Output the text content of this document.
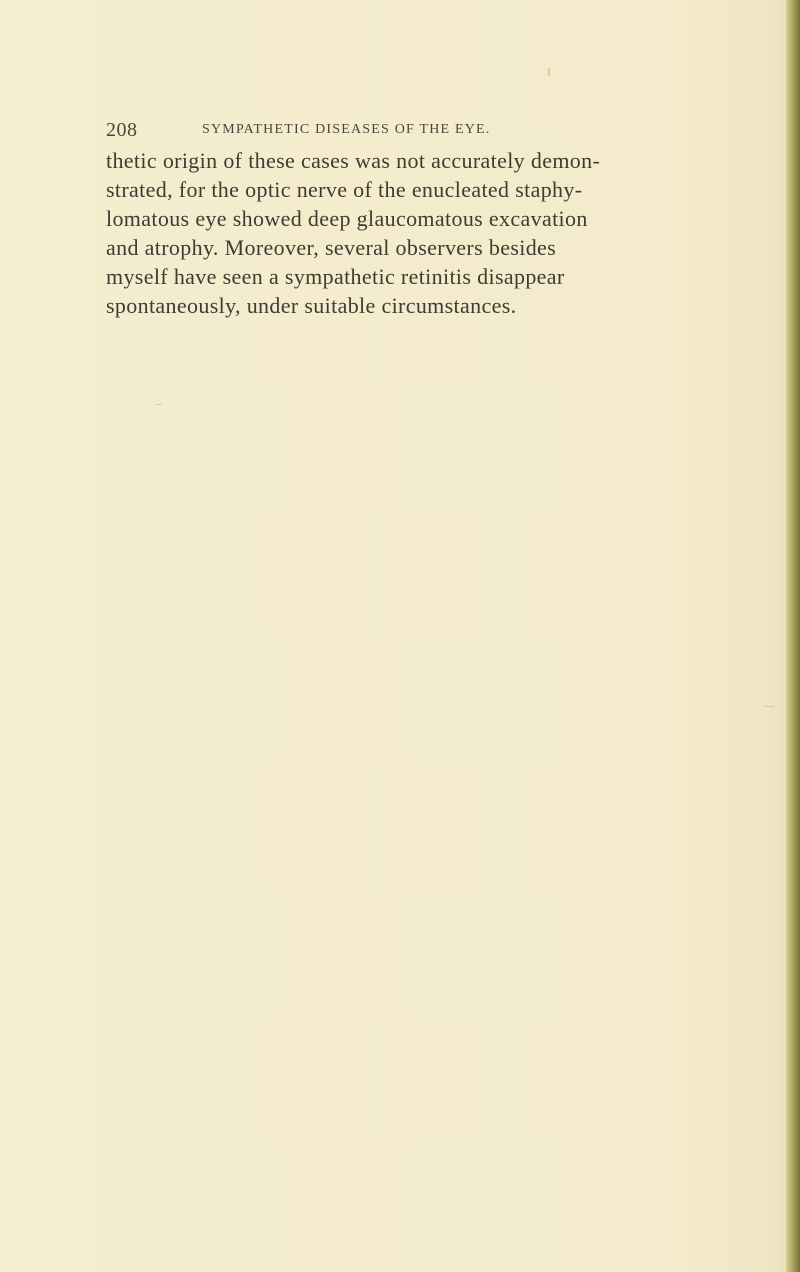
208	SYMPATHETIC DISEASES OF THE EYE.
thetic origin of these cases was not accurately demon-
strated, for the optic nerve of the enucleated staphy-
lomatous eye showed deep glaucomatous excavation
and atrophy. Moreover, several observers besides
myself have seen a sympathetic retinitis disappear
spontaneously, under suitable circumstances.
